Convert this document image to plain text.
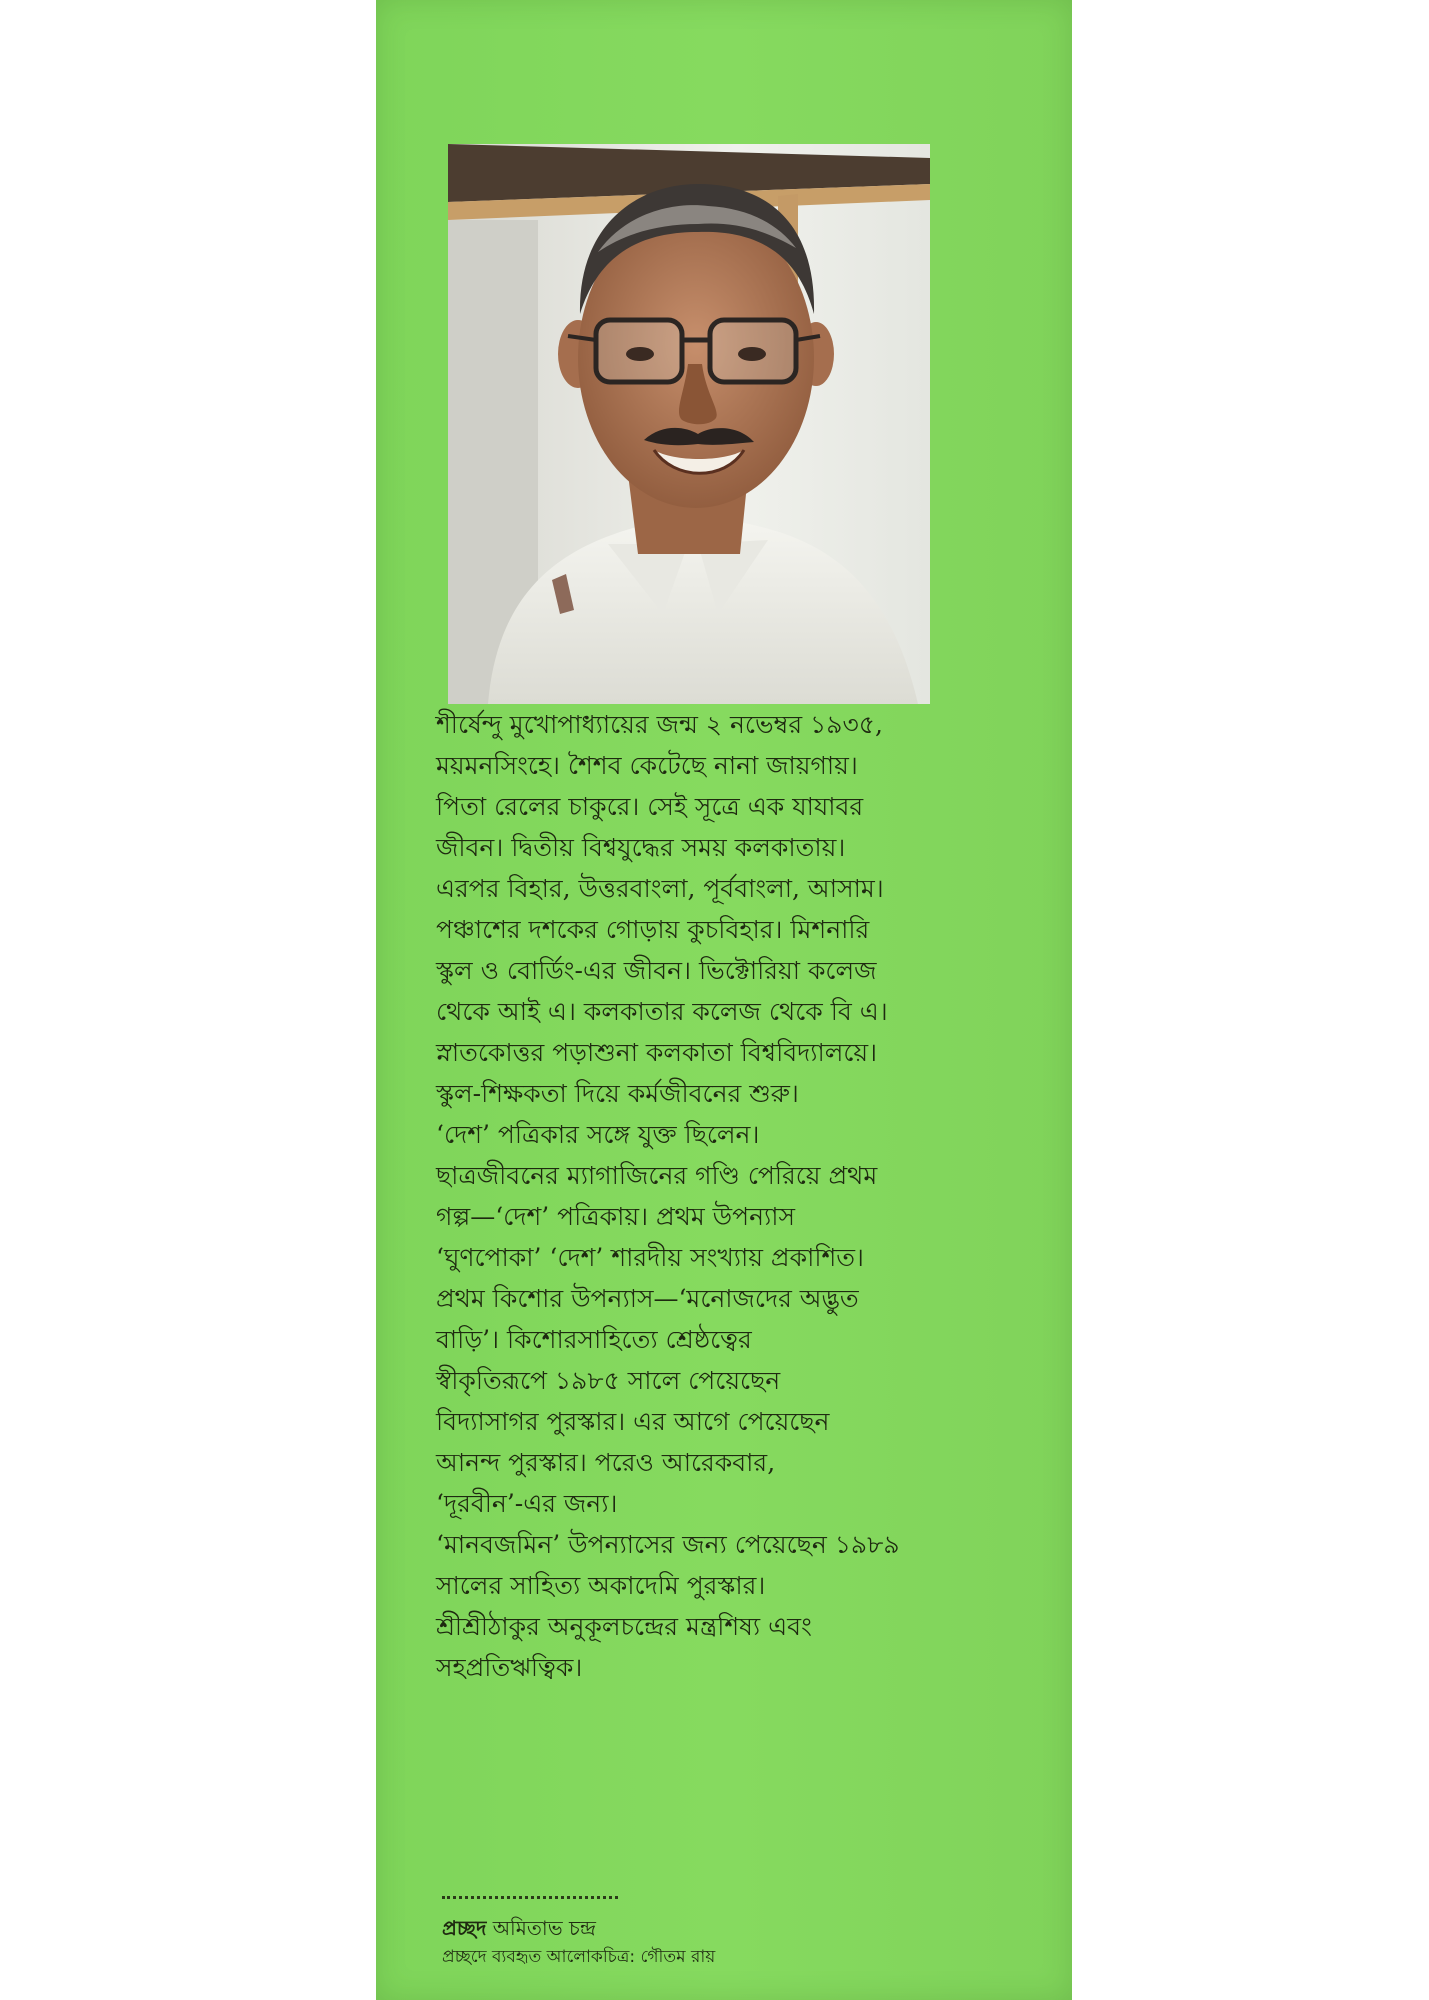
শীর্ষেন্দু মুখোপাধ্যায়ের জন্ম ২ নভেম্বর ১৯৩৫,
ময়মনসিংহে। শৈশব কেটেছে নানা জায়গায়।
পিতা রেলের চাকুরে। সেই সূত্রে এক যাযাবর
জীবন। দ্বিতীয় বিশ্বযুদ্ধের সময় কলকাতায়।
এরপর বিহার, উত্তরবাংলা, পূর্ববাংলা, আসাম।
পঞ্চাশের দশকের গোড়ায় কুচবিহার। মিশনারি
স্কুল ও বোর্ডিং-এর জীবন। ভিক্টোরিয়া কলেজ
থেকে আই এ। কলকাতার কলেজ থেকে বি এ।
স্নাতকোত্তর পড়াশুনা কলকাতা বিশ্ববিদ্যালয়ে।
স্কুল-শিক্ষকতা দিয়ে কর্মজীবনের শুরু।
‘দেশ’ পত্রিকার সঙ্গে যুক্ত ছিলেন।
ছাত্রজীবনের ম্যাগাজিনের গণ্ডি পেরিয়ে প্রথম
গল্প—‘দেশ’ পত্রিকায়। প্রথম উপন্যাস
‘ঘুণপোকা’ ‘দেশ’ শারদীয় সংখ্যায় প্রকাশিত।
প্রথম কিশোর উপন্যাস—‘মনোজদের অদ্ভুত
বাড়ি’। কিশোরসাহিত্যে শ্রেষ্ঠত্বের
স্বীকৃতিরূপে ১৯৮৫ সালে পেয়েছেন
বিদ্যাসাগর পুরস্কার। এর আগে পেয়েছেন
আনন্দ পুরস্কার। পরেও আরেকবার,
‘দূরবীন’-এর জন্য।
‘মানবজমিন’ উপন্যাসের জন্য পেয়েছেন ১৯৮৯
সালের সাহিত্য অকাদেমি পুরস্কার।
শ্রীশ্রীঠাকুর অনুকূলচন্দ্রের মন্ত্রশিষ্য এবং
সহপ্রতিঋত্বিক।
প্রচ্ছদ অমিতাভ চন্দ্র
প্রচ্ছদে ব্যবহৃত আলোকচিত্র: গৌতম রায়
